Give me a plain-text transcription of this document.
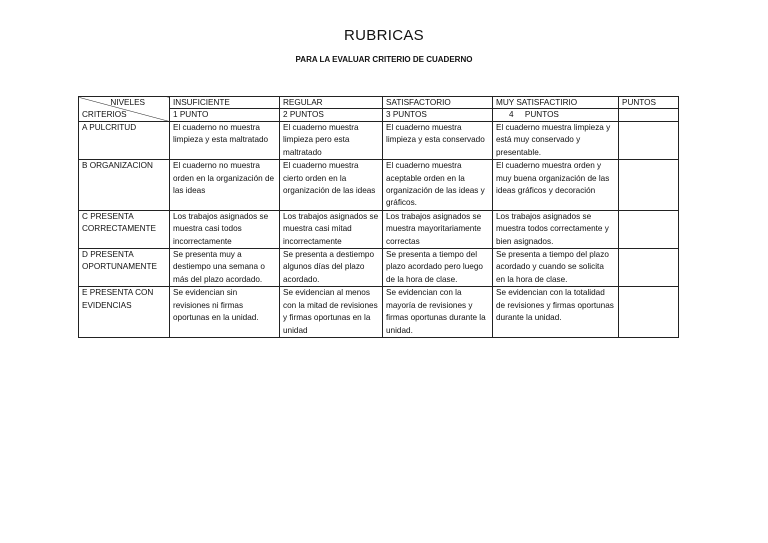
RUBRICAS
PARA LA EVALUAR CRITERIO DE CUADERNO
NIVELES
CRITERIOS	INSUFICIENTE	REGULAR	SATISFACTORIO	MUY SATISFACTIRIO	PUNTOS
	1 PUNTO	2 PUNTOS	3 PUNTOS	4     PUNTOS	
A PULCRITUD	El cuaderno no muestra limpieza y esta maltratado	El cuaderno muestra limpieza pero esta maltratado	El cuaderno muestra limpieza y esta conservado	El cuaderno muestra limpieza y está muy conservado y presentable.	
B ORGANIZACION	El cuaderno no muestra orden en la organización de las ideas	El cuaderno muestra cierto orden en la organización de las ideas	El cuaderno muestra aceptable orden en la organización de las ideas y gráficos.	El cuaderno muestra orden y muy buena organización de las ideas gráficos y decoración	
C PRESENTA CORRECTAMENTE	Los trabajos asignados se muestra casi todos incorrectamente	Los trabajos asignados se muestra casi mitad incorrectamente	Los trabajos asignados se muestra mayoritariamente correctas	Los trabajos asignados se muestra todos correctamente y bien asignados.	
D PRESENTA OPORTUNAMENTE	Se presenta muy a destiempo una semana o más del plazo acordado.	Se presenta a destiempo algunos días del plazo acordado.	Se presenta a tiempo del plazo acordado pero luego de la hora de clase.	Se presenta a tiempo del plazo acordado y cuando se solicita en la hora de clase.	
E PRESENTA CON EVIDENCIAS	Se evidencian sin revisiones ni firmas oportunas en la unidad.	Se evidencian al menos con la mitad de revisiones y firmas oportunas en la unidad	Se evidencian con la mayoría de revisiones y firmas oportunas durante la unidad.	Se evidencian con la totalidad de revisiones y firmas oportunas durante la unidad.	
